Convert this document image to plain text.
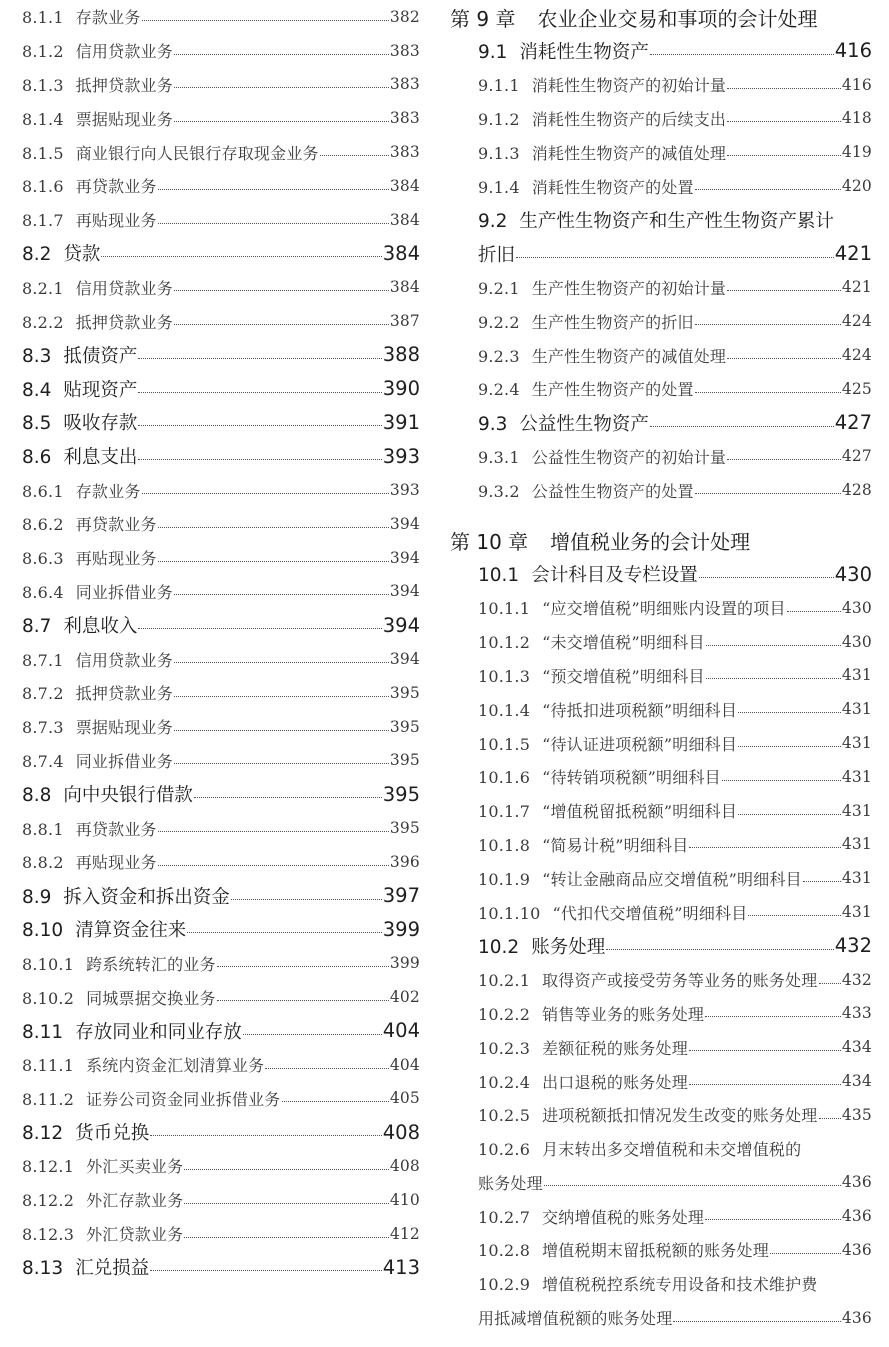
8.1.1 存款业务	382
8.1.2 信用贷款业务	383
8.1.3 抵押贷款业务	383
8.1.4 票据贴现业务	383
8.1.5 商业银行向人民银行存取现金业务	383
8.1.6 再贷款业务	384
8.1.7 再贴现业务	384
8.2 贷款	384
8.2.1 信用贷款业务	384
8.2.2 抵押贷款业务	387
8.3 抵债资产	388
8.4 贴现资产	390
8.5 吸收存款	391
8.6 利息支出	393
8.6.1 存款业务	393
8.6.2 再贷款业务	394
8.6.3 再贴现业务	394
8.6.4 同业拆借业务	394
8.7 利息收入	394
8.7.1 信用贷款业务	394
8.7.2 抵押贷款业务	395
8.7.3 票据贴现业务	395
8.7.4 同业拆借业务	395
8.8 向中央银行借款	395
8.8.1 再贷款业务	395
8.8.2 再贴现业务	396
8.9 拆入资金和拆出资金	397
8.10 清算资金往来	399
8.10.1 跨系统转汇的业务	399
8.10.2 同城票据交换业务	402
8.11 存放同业和同业存放	404
8.11.1 系统内资金汇划清算业务	404
8.11.2 证券公司资金同业拆借业务	405
8.12 货币兑换	408
8.12.1 外汇买卖业务	408
8.12.2 外汇存款业务	410
8.12.3 外汇贷款业务	412
8.13 汇兑损益	413
第 9 章 农业企业交易和事项的会计处理
9.1 消耗性生物资产	416
9.1.1 消耗性生物资产的初始计量	416
9.1.2 消耗性生物资产的后续支出	418
9.1.3 消耗性生物资产的减值处理	419
9.1.4 消耗性生物资产的处置	420
9.2 生产性生物资产和生产性生物资产累计
折旧	421
9.2.1 生产性生物资产的初始计量	421
9.2.2 生产性生物资产的折旧	424
9.2.3 生产性生物资产的减值处理	424
9.2.4 生产性生物资产的处置	425
9.3 公益性生物资产	427
9.3.1 公益性生物资产的初始计量	427
9.3.2 公益性生物资产的处置	428
第 10 章 增值税业务的会计处理
10.1 会计科目及专栏设置	430
10.1.1 “应交增值税”明细账内设置的项目	430
10.1.2 “未交增值税”明细科目	430
10.1.3 “预交增值税”明细科目	431
10.1.4 “待抵扣进项税额”明细科目	431
10.1.5 “待认证进项税额”明细科目	431
10.1.6 “待转销项税额”明细科目	431
10.1.7 “增值税留抵税额”明细科目	431
10.1.8 “简易计税”明细科目	431
10.1.9 “转让金融商品应交增值税”明细科目	431
10.1.10 “代扣代交增值税”明细科目	431
10.2 账务处理	432
10.2.1 取得资产或接受劳务等业务的账务处理 432
10.2.2 销售等业务的账务处理	433
10.2.3 差额征税的账务处理	434
10.2.4 出口退税的账务处理	434
10.2.5 进项税额抵扣情况发生改变的账务处理 435
10.2.6 月末转出多交增值税和未交增值税的
账务处理	436
10.2.7 交纳增值税的账务处理	436
10.2.8 增值税期末留抵税额的账务处理	436
10.2.9 增值税税控系统专用设备和技术维护费
用抵减增值税额的账务处理	436
